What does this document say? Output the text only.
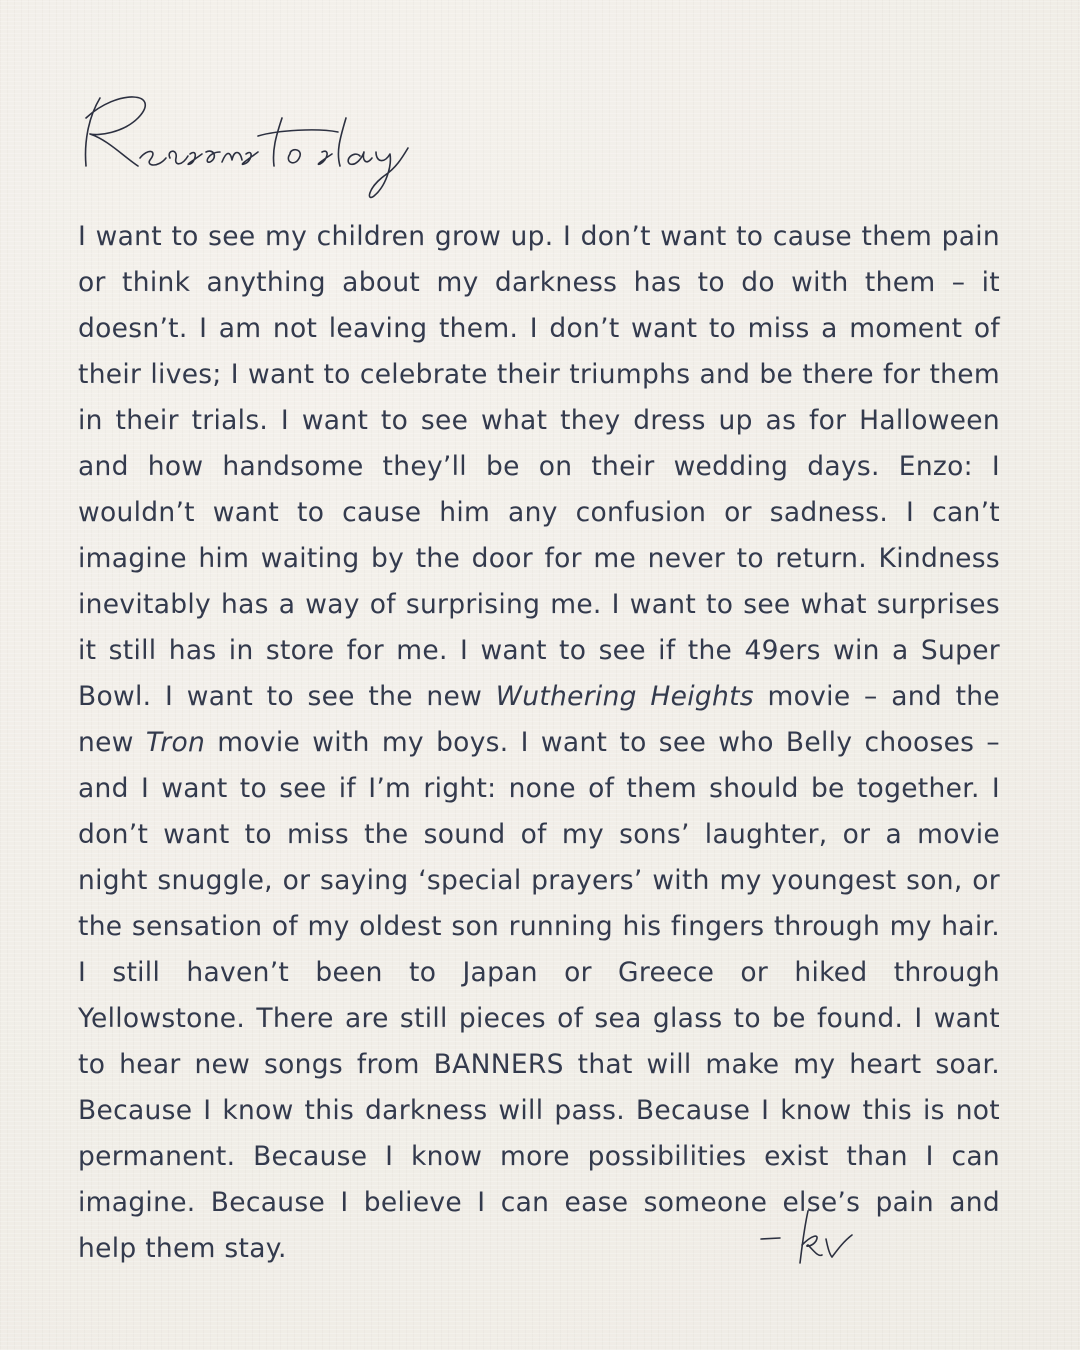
I want to see my children grow up. I don’t want to cause them pain or think anything about my darkness has to do with them – it doesn’t. I am not leaving them. I don’t want to miss a moment of their lives; I want to celebrate their triumphs and be there for them in their trials. I want to see what they dress up as for Halloween and how handsome they’ll be on their wedding days. Enzo: I wouldn’t want to cause him any confusion or sadness. I can’t imagine him waiting by the door for me never to return. Kindness inevitably has a way of surprising me. I want to see what surprises it still has in store for me. I want to see if the 49ers win a Super Bowl. I want to see the new Wuthering Heights movie – and the new Tron movie with my boys. I want to see who Belly chooses – and I want to see if I’m right: none of them should be together. I don’t want to miss the sound of my sons’ laughter, or a movie night snuggle, or saying ‘special prayers’ with my youngest son, or the sensation of my oldest son running his fingers through my hair. I still haven’t been to Japan or Greece or hiked through Yellowstone. There are still pieces of sea glass to be found. I want to hear new songs from BANNERS that will make my heart soar. Because I know this darkness will pass. Because I know this is not permanent. Because I know more possibilities exist than I can imagine. Because I believe I can ease someone else’s pain and help them stay.
